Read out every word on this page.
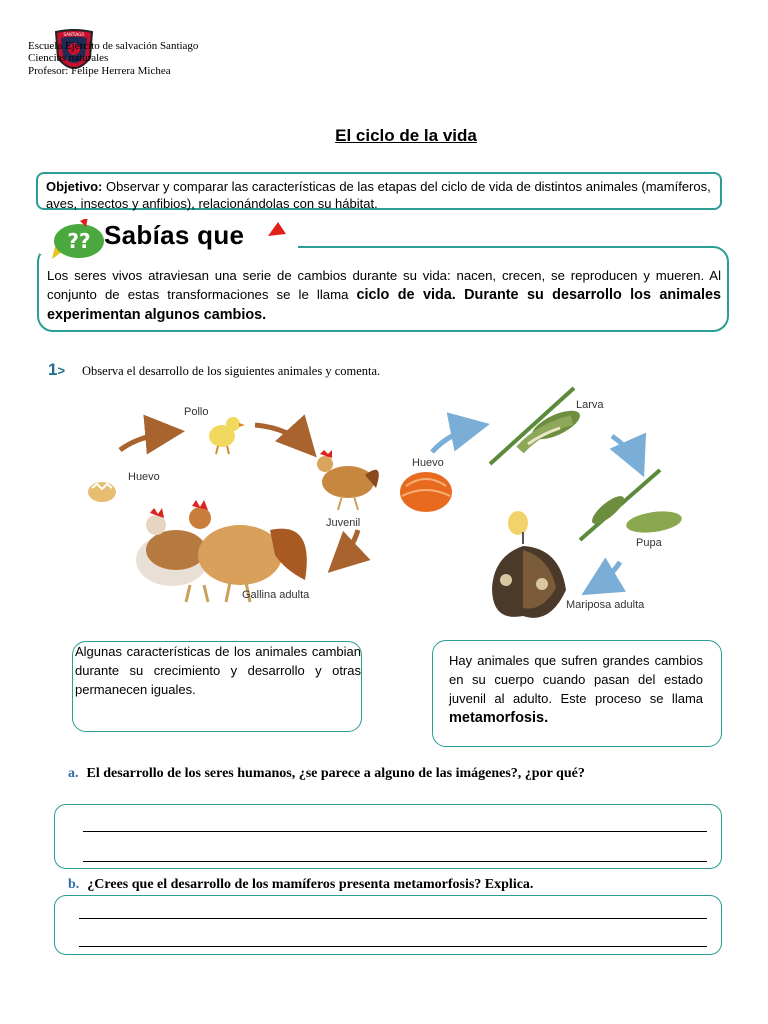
SANTIAGO
Escuela Ejército de salvación Santiago
Ciencias naturales
Profesor: Felipe Herrera Michea
El ciclo de la vida
Objetivo: Observar y comparar las características de las etapas del ciclo de vida de distintos animales (mamíferos, aves, insectos y anfibios), relacionándolas con su hábitat.
Los seres vivos atraviesan una serie de cambios durante su vida: nacen, crecen, se reproducen y mueren. Al conjunto de estas transformaciones se le llama ciclo de vida. Durante su desarrollo los animales experimentan algunos cambios.
?? Sabías que
1> Observa el desarrollo de los siguientes animales y comenta.
Pollo
Huevo
Juvenil
Gallina adulta
Huevo
Larva
Pupa
Mariposa adulta
Algunas características de los animales cambian durante su crecimiento y desarrollo y otras permanecen iguales.
Hay animales que sufren grandes cambios en su cuerpo cuando pasan del estado juvenil al adulto. Este proceso se llama metamorfosis.
a. El desarrollo de los seres humanos, ¿se parece a alguno de las imágenes?, ¿por qué?
b. ¿Crees que el desarrollo de los mamíferos presenta metamorfosis? Explica.
